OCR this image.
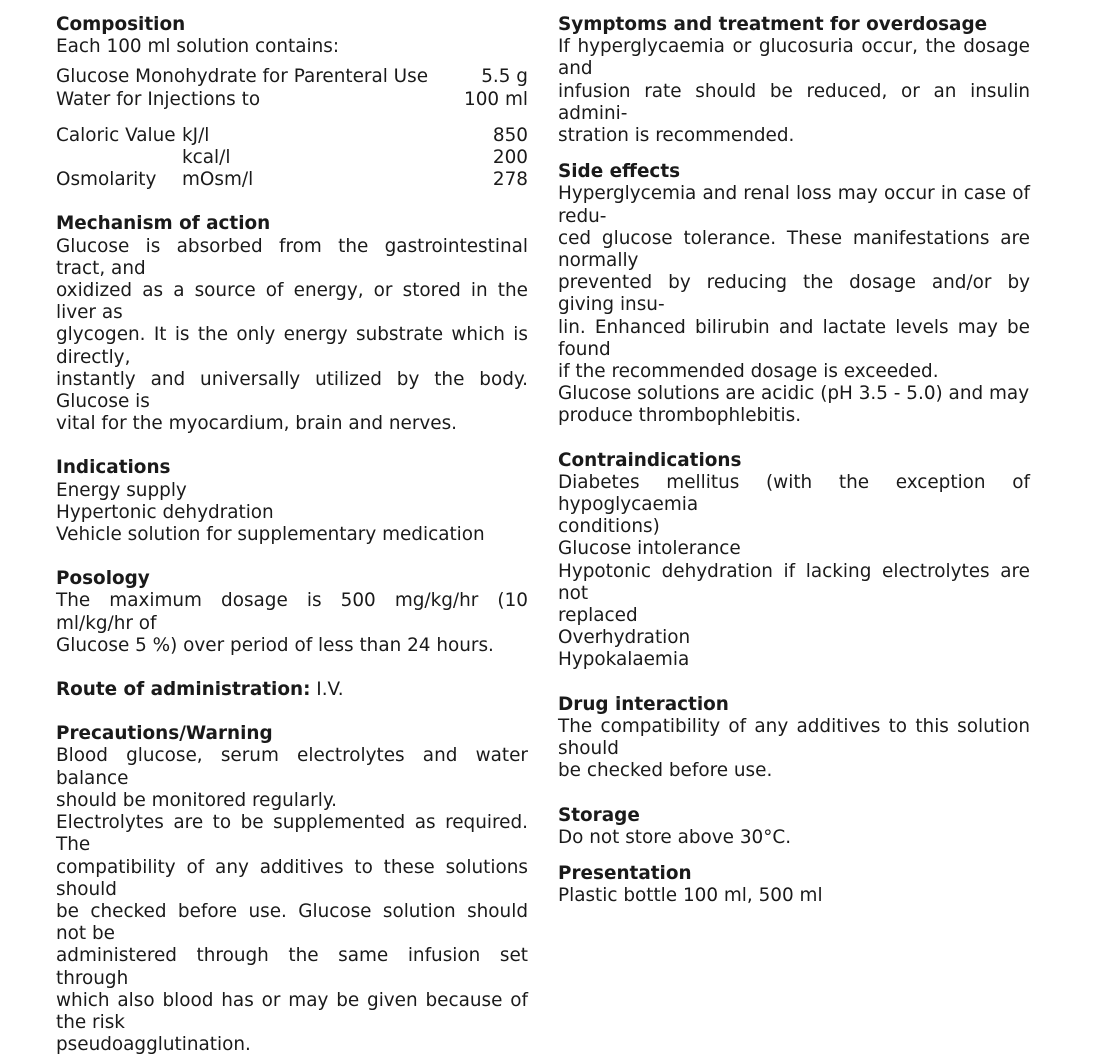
Composition
Each 100 ml solution contains:
Glucose Monohydrate for Parenteral Use	5.5 g
Water for Injections to	100 ml
Caloric Value kJ/l	850
kcal/l	200
Osmolarity	mOsm/l	278
Mechanism of action
Glucose is absorbed from the gastrointestinal tract, and
oxidized as a source of energy, or stored in the liver as
glycogen. It is the only energy substrate which is directly,
instantly and universally utilized by the body. Glucose is
vital for the myocardium, brain and nerves.
Indications
Energy supply
Hypertonic dehydration
Vehicle solution for supplementary medication
Posology
The maximum dosage is 500 mg/kg/hr (10 ml/kg/hr of
Glucose 5 %) over period of less than 24 hours.
Route of administration: I.V.
Precautions/Warning
Blood glucose, serum electrolytes and water balance
should be monitored regularly.
Electrolytes are to be supplemented as required. The
compatibility of any additives to these solutions should
be checked before use. Glucose solution should not be
administered through the same infusion set through
which also blood has or may be given because of the risk
pseudoagglutination.
Symptoms and treatment for overdosage
If hyperglycaemia or glucosuria occur, the dosage and
infusion rate should be reduced, or an insulin admini-
stration is recommended.
Side effects
Hyperglycemia and renal loss may occur in case of redu-
ced glucose tolerance. These manifestations are normally
prevented by reducing the dosage and/or by giving insu-
lin. Enhanced bilirubin and lactate levels may be found
if the recommended dosage is exceeded.
Glucose solutions are acidic (pH 3.5 - 5.0) and may
produce thrombophlebitis.
Contraindications
Diabetes mellitus (with the exception of hypoglycaemia
conditions)
Glucose intolerance
Hypotonic dehydration if lacking electrolytes are not
replaced
Overhydration
Hypokalaemia
Drug interaction
The compatibility of any additives to this solution should
be checked before use.
Storage
Do not store above 30°C.
Presentation
Plastic bottle 100 ml, 500 ml
